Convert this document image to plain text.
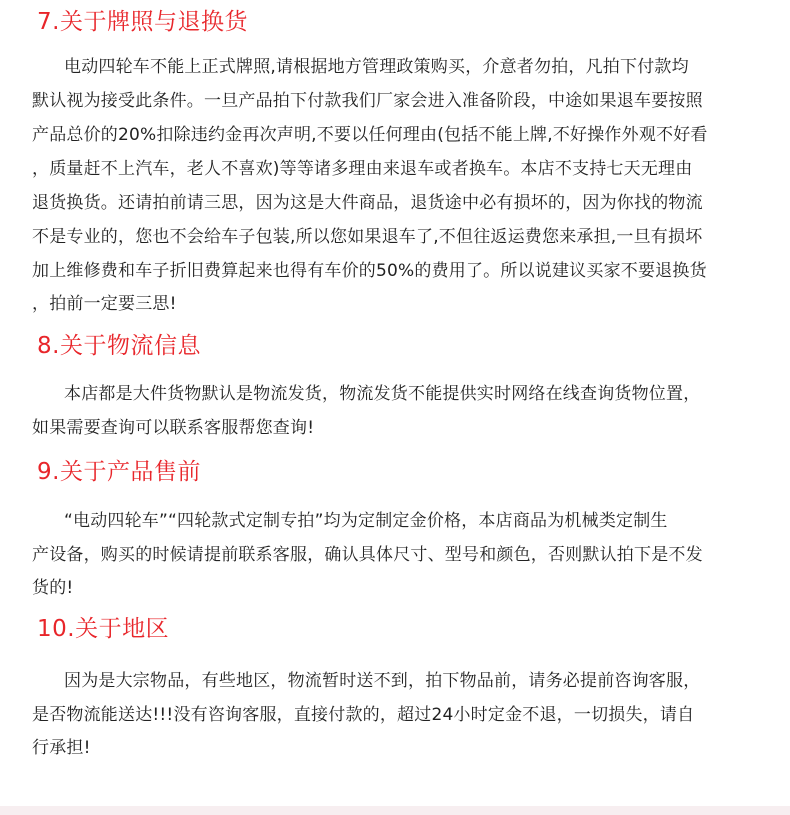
7.关于牌照与退换货
电动四轮车不能上正式牌照,请根据地方管理政策购买，介意者勿拍，凡拍下付款均
默认视为接受此条件。一旦产品拍下付款我们厂家会进入准备阶段，中途如果退车要按照
产品总价的20%扣除违约金再次声明,不要以任何理由(包括不能上牌,不好操作外观不好看
，质量赶不上汽车，老人不喜欢)等等诸多理由来退车或者换车。本店不支持七天无理由
退货换货。还请拍前请三思，因为这是大件商品，退货途中必有损坏的，因为你找的物流
不是专业的，您也不会给车子包装,所以您如果退车了,不但往返运费您来承担,一旦有损坏
加上维修费和车子折旧费算起来也得有车价的50%的费用了。所以说建议买家不要退换货
，拍前一定要三思!
8.关于物流信息
本店都是大件货物默认是物流发货，物流发货不能提供实时网络在线查询货物位置，
如果需要查询可以联系客服帮您查询!
9.关于产品售前
“电动四轮车”“四轮款式定制专拍”均为定制定金价格，本店商品为机械类定制生
产设备，购买的时候请提前联系客服，确认具体尺寸、型号和颜色，否则默认拍下是不发
货的!
10.关于地区
因为是大宗物品，有些地区，物流暂时送不到，拍下物品前，请务必提前咨询客服，
是否物流能送达!!!没有咨询客服，直接付款的，超过24小时定金不退，一切损失，请自
行承担!
